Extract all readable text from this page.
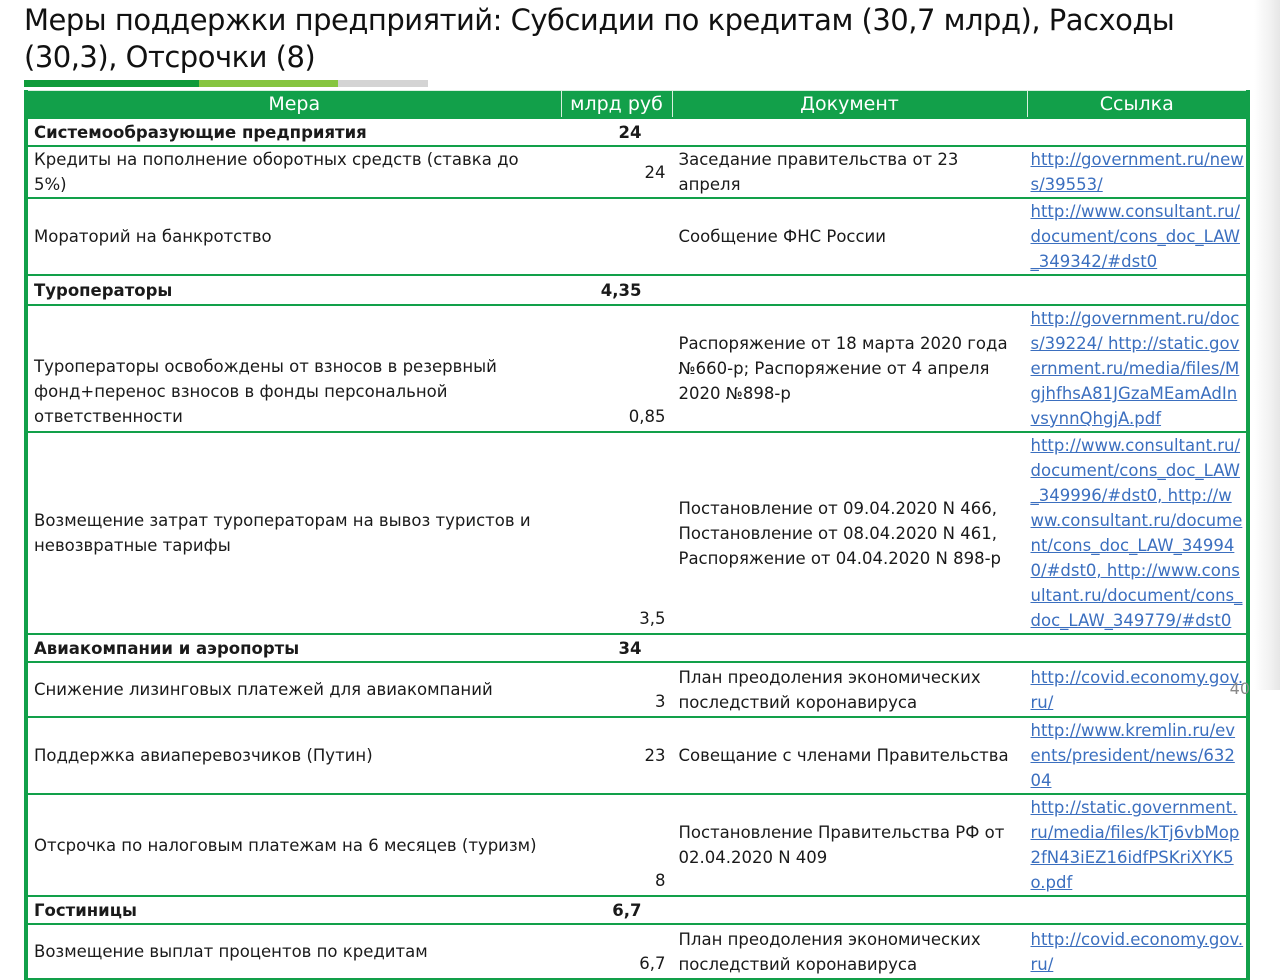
Меры поддержки предприятий: Субсидии по кредитам (30,7 млрд), Расходы (30,3), Отсрочки (8)
Мера	млрд руб	Документ	Ссылка
Системообразующие предприятия	24		
Кредиты на пополнение оборотных средств (ставка до 5%)	24	Заседание правительства от 23 апреля	http://government.ru/news/39553/
Мораторий на банкротство		Сообщение ФНС России	http://www.consultant.ru/document/cons_doc_LAW_349342/#dst0
Туроператоры	4,35		
Туроператоры освобождены от взносов в резервный фонд+перенос взносов в фонды персональной ответственности	0,85	Распоряжение от 18 марта 2020 года №660-р; Распоряжение от 4 апреля 2020 №898-р	http://government.ru/docs/39224/ http://static.government.ru/media/files/MgjhfhsA81JGzaMEamAdInvsynnQhgjA.pdf
Возмещение затрат туроператорам на вывоз туристов и невозвратные тарифы	3,5	Постановление от 09.04.2020 N 466, Постановление от 08.04.2020 N 461, Распоряжение от 04.04.2020 N 898-р	http://www.consultant.ru/document/cons_doc_LAW_349996/#dst0, http://www.consultant.ru/document/cons_doc_LAW_349940/#dst0, http://www.consultant.ru/document/cons_doc_LAW_349779/#dst0
Авиакомпании и аэропорты	34		
Снижение лизинговых платежей для авиакомпаний	3	План преодоления экономических последствий коронавируса	http://covid.economy.gov.ru/
Поддержка авиаперевозчиков (Путин)	23	Совещание с членами Правительства	http://www.kremlin.ru/events/president/news/63204
Отсрочка по налоговым платежам на 6 месяцев (туризм)	8	Постановление Правительства РФ от 02.04.2020 N 409	http://static.government.ru/media/files/kTj6vbMop2fN43iEZ16idfPSKriXYK5o.pdf
Гостиницы	6,7		
Возмещение выплат процентов по кредитам	6,7	План преодоления экономических последствий коронавируса	http://covid.economy.gov.ru/
40
